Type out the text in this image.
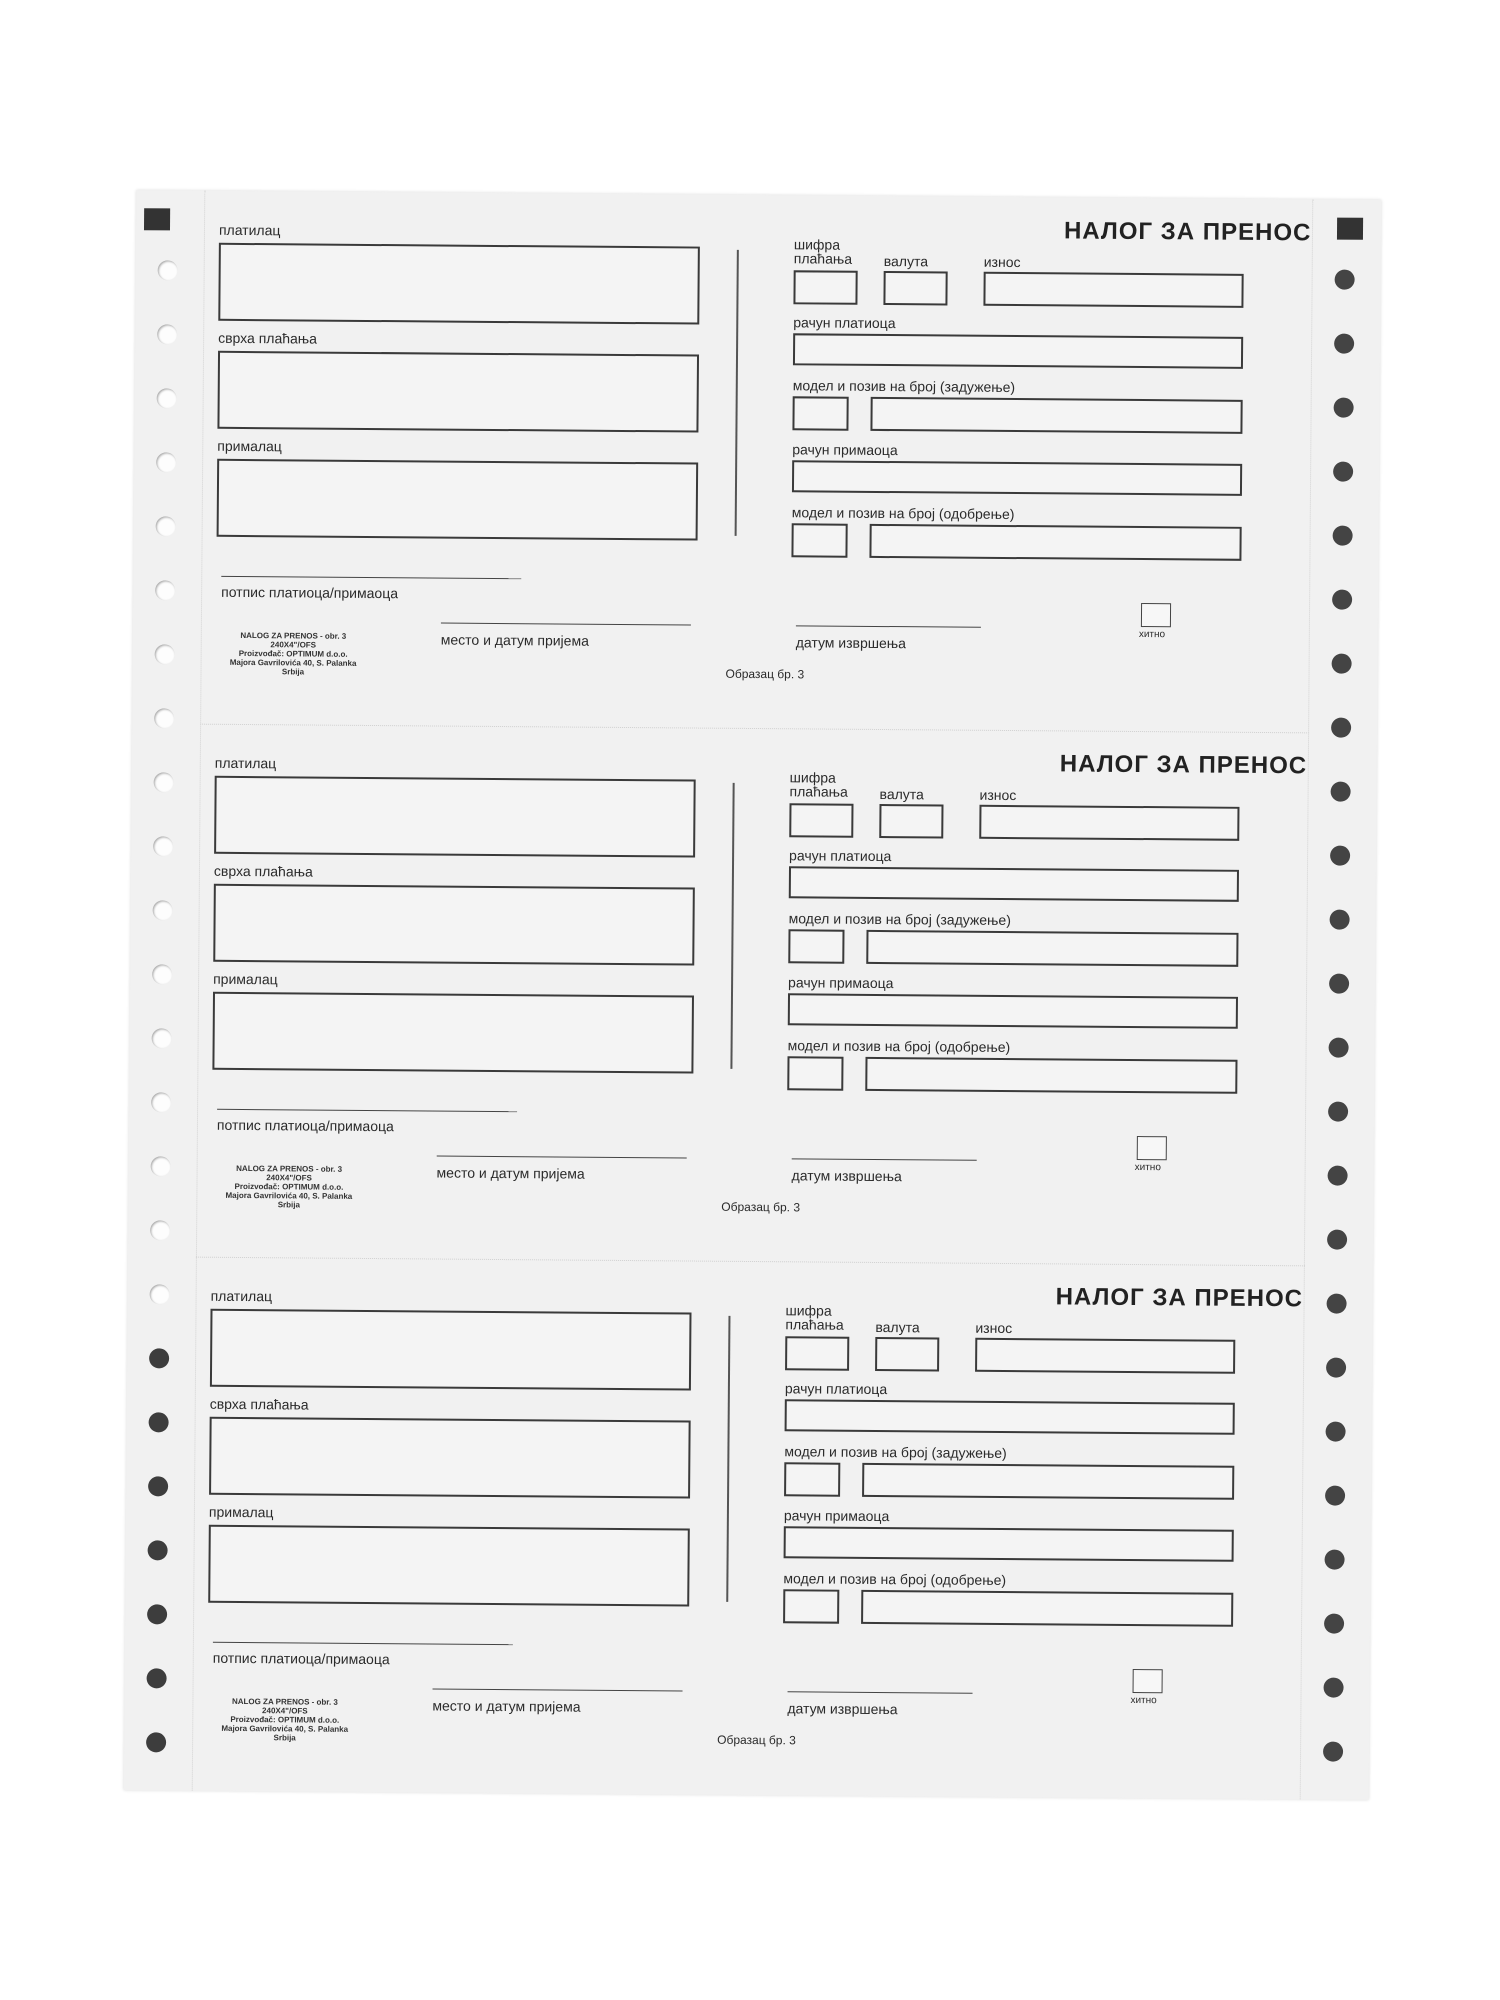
НАЛОГ ЗА ПРЕНОС
платилац
сврха плаћања
прималац
шифра плаћања	валута	износ
рачун платиоца
модел и позив на број (задужење)
рачун примаоца
модел и позив на број (одобрење)
потпис платиоца/примаоца
NALOG ZA PRENOS - obr. 3
240X4"/OFS
Proizvođač: OPTIMUM d.o.o.
Majora Gavrilovića 40, S. Palanka
Srbija
место и датум пријема	датум извршења	хитно
Образац бр. 3
НАЛОГ ЗА ПРЕНОС
платилац
сврха плаћања
прималац
шифра плаћања	валута	износ
рачун платиоца
модел и позив на број (задужење)
рачун примаоца
модел и позив на број (одобрење)
потпис платиоца/примаоца
NALOG ZA PRENOS - obr. 3
240X4"/OFS
Proizvođač: OPTIMUM d.o.o.
Majora Gavrilovića 40, S. Palanka
Srbija
место и датум пријема	датум извршења	хитно
Образац бр. 3
НАЛОГ ЗА ПРЕНОС
платилац
сврха плаћања
прималац
шифра плаћања	валута	износ
рачун платиоца
модел и позив на број (задужење)
рачун примаоца
модел и позив на број (одобрење)
потпис платиоца/примаоца
NALOG ZA PRENOS - obr. 3
240X4"/OFS
Proizvođač: OPTIMUM d.o.o.
Majora Gavrilovića 40, S. Palanka
Srbija
место и датум пријема	датум извршења	хитно
Образац бр. 3
